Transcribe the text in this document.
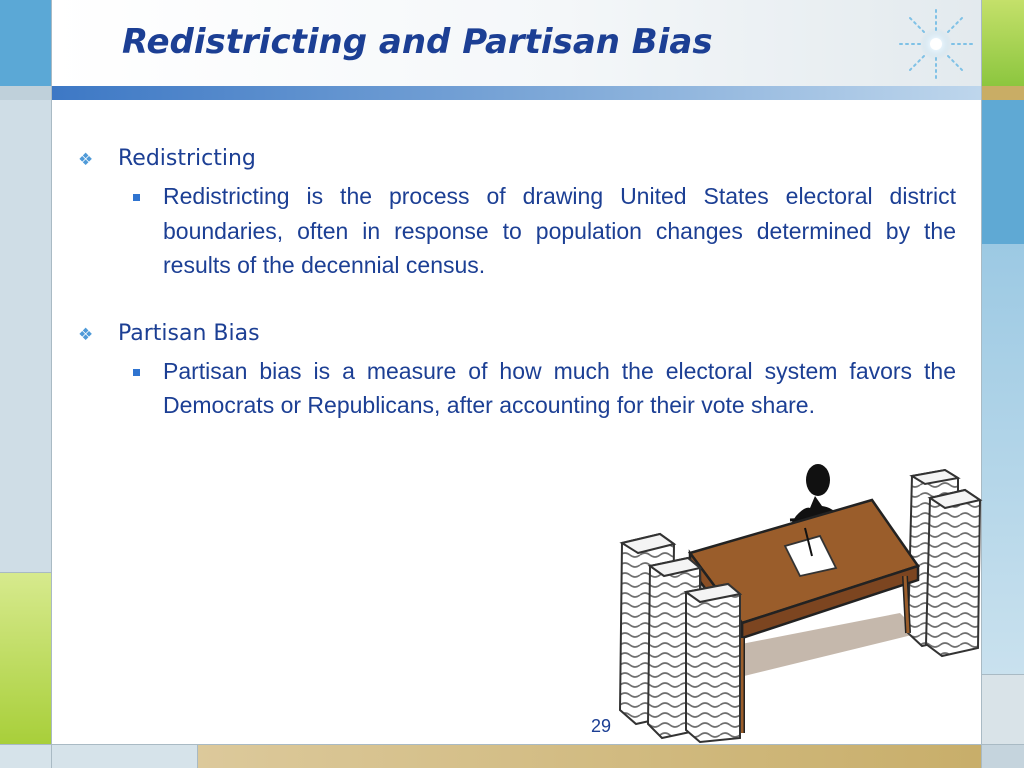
Redistricting and Partisan Bias
❖	Redistricting
Redistricting is the process of drawing United States electoral district boundaries, often in response to population changes determined by the results of the decennial census.
❖	Partisan Bias
Partisan bias is a measure of how much the electoral system favors the Democrats or Republicans, after accounting for their vote share.
29
